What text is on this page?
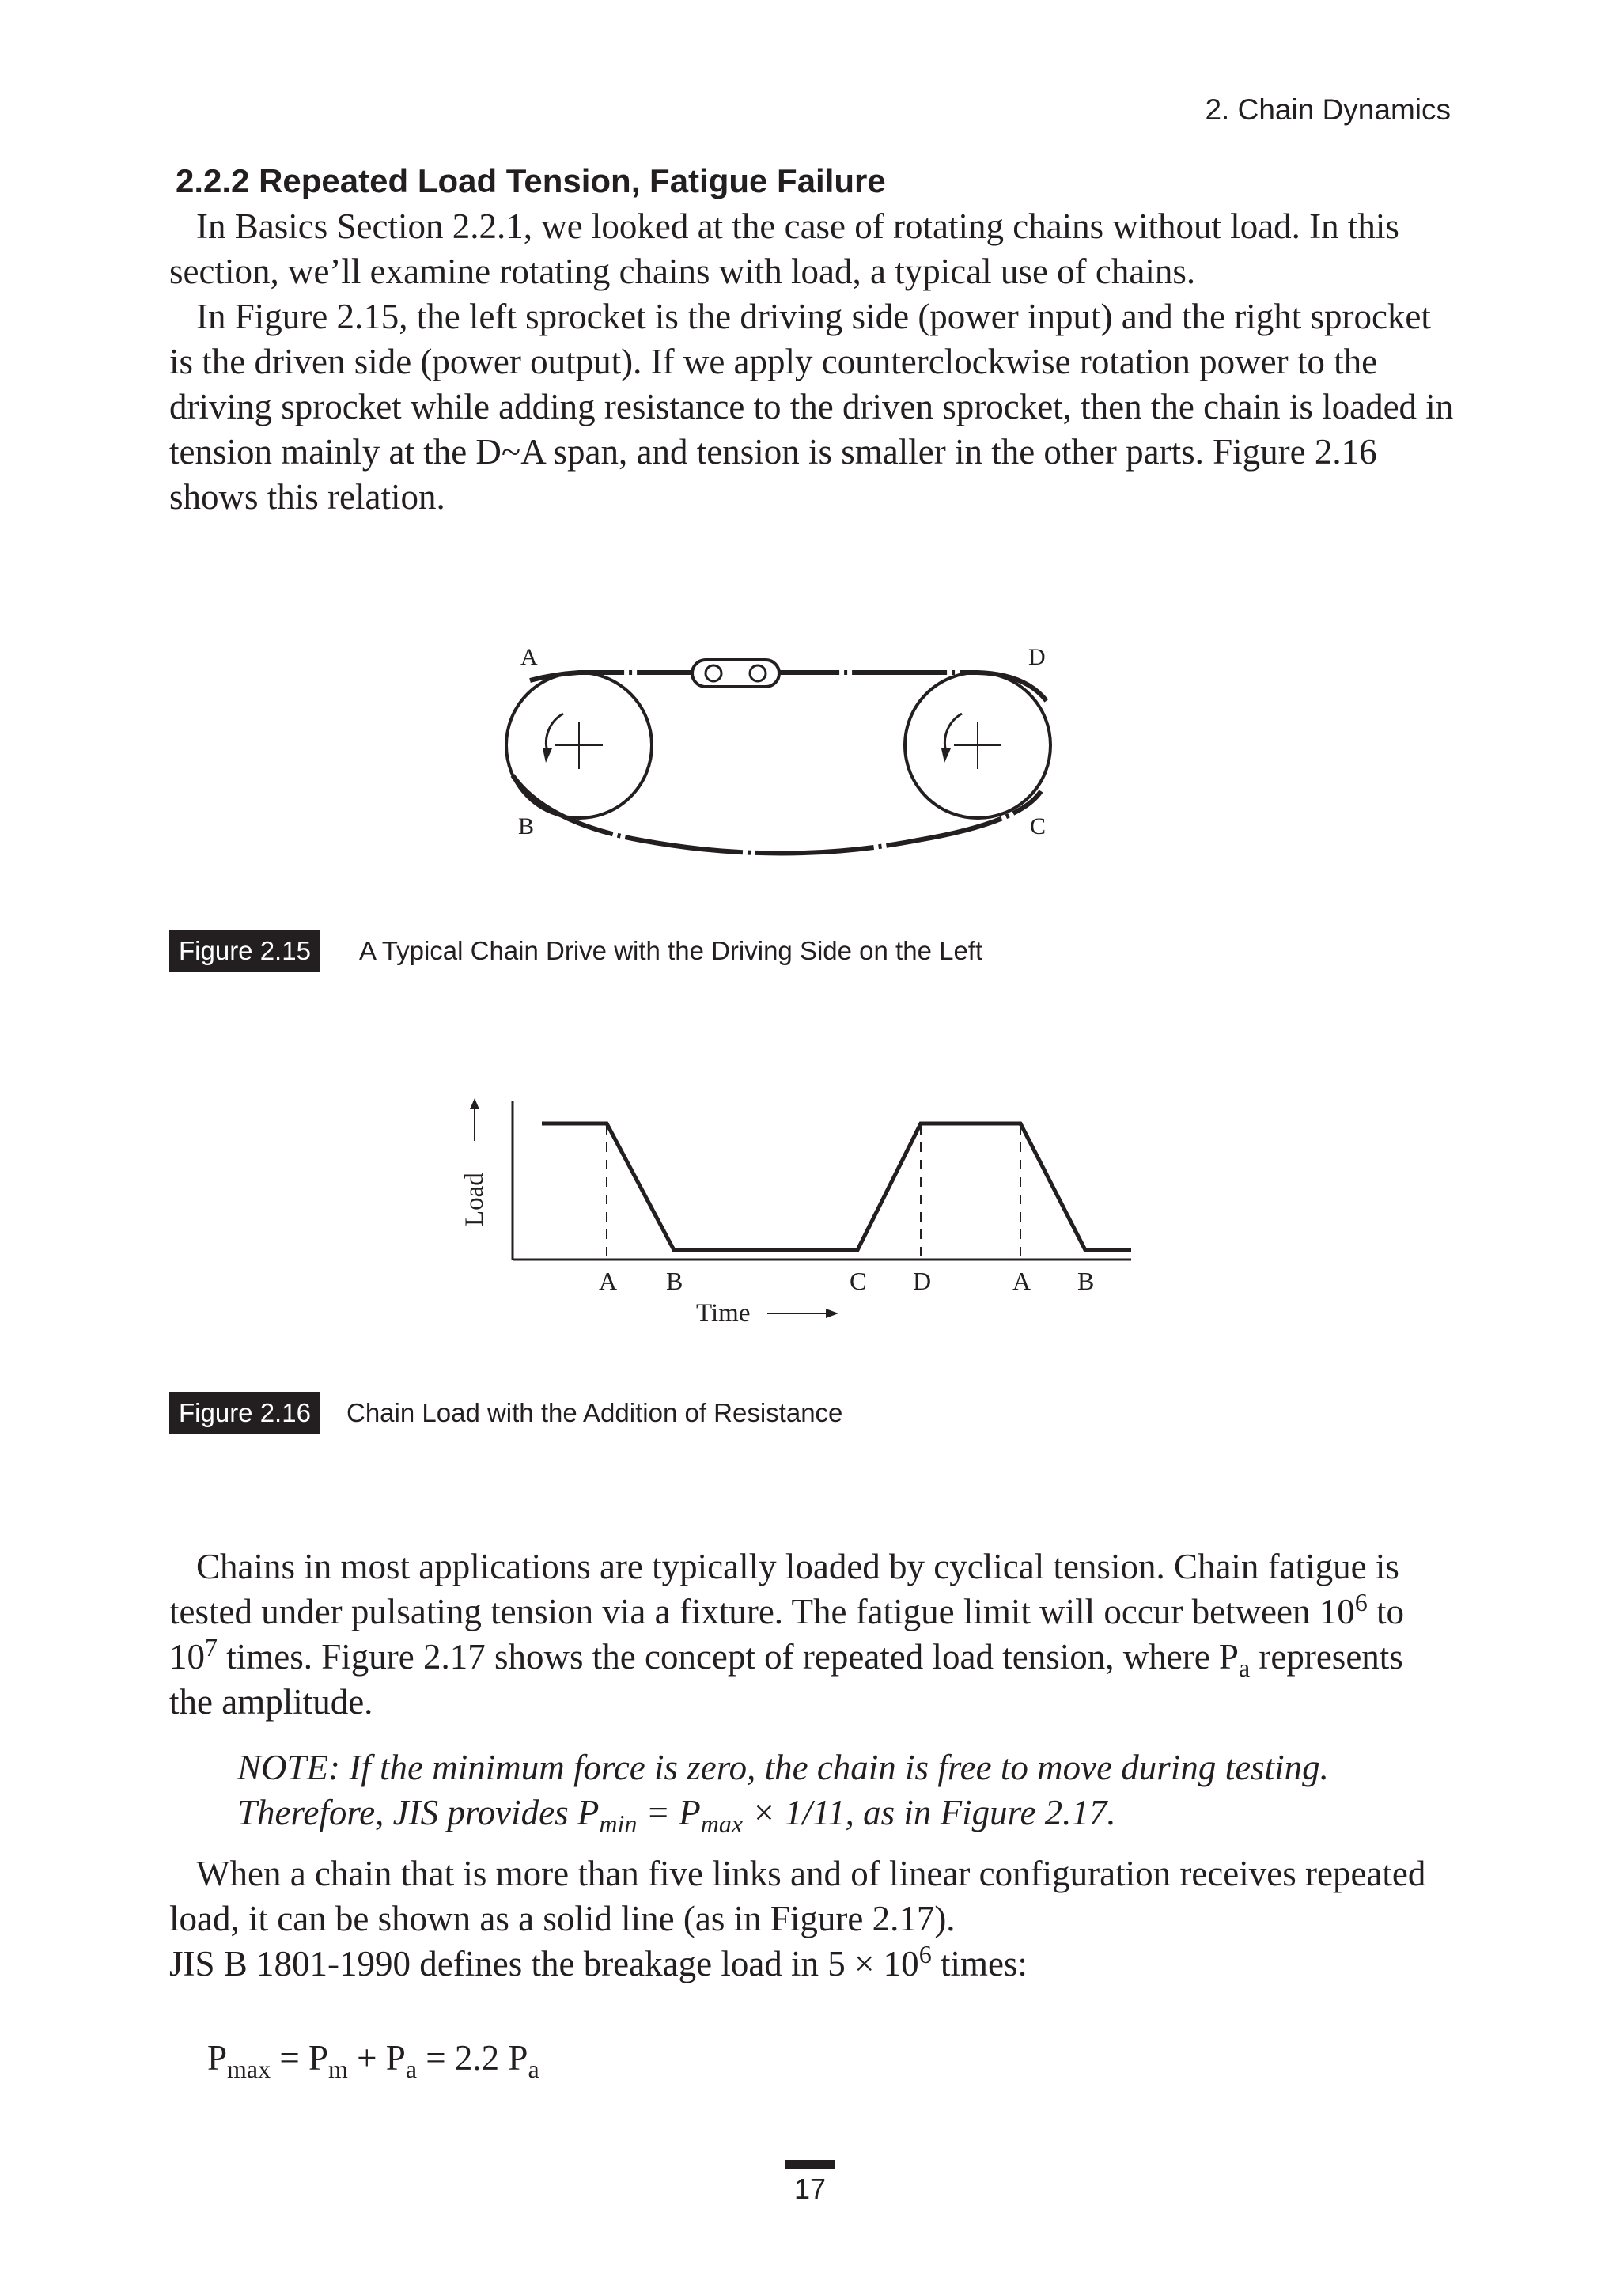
2. Chain Dynamics
2.2.2 Repeated Load Tension, Fatigue Failure

In Basics Section 2.2.1, we looked at the case of rotating chains without load. In this section, we’ll examine rotating chains with load, a typical use of chains.

In Figure 2.15, the left sprocket is the driving side (power input) and the right sprocket is the driven side (power output). If we apply counterclockwise rotation power to the driving sprocket while adding resistance to the driven sprocket, then the chain is loaded in tension mainly at the D~A span, and tension is smaller in the other parts. Figure 2.16 shows this relation.

A	D
B	C
Figure 2.15	A Typical Chain Drive with the Driving Side on the Left
A B	C D	A B
Load
Time
Figure 2.16	Chain Load with the Addition of Resistance
Chains in most applications are typically loaded by cyclical tension. Chain fatigue is tested under pulsating tension via a fixture. The fatigue limit will occur between $10^6$ to $10^7$ times. Figure 2.17 shows the concept of repeated load tension, where $P_a$ represents the amplitude.
NOTE: If the minimum force is zero, the chain is free to move during testing. Therefore, JIS provides $P_{min} = P_{max} \times 1/11$, as in Figure 2.17.

When a chain that is more than five links and of linear configuration receives repeated load, it can be shown as a solid line (as in Figure 2.17).

JIS B 1801-1990 defines the breakage load in $5 \times 10^6$ times:

$P_{max} = P_m + P_a = 2.2$ $P_a$
17
